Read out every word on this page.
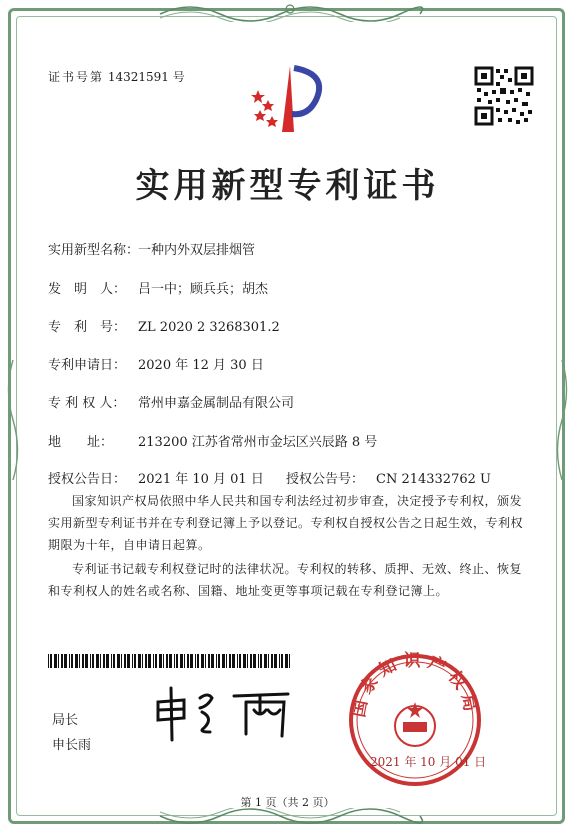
证书号第 14321591 号
实用新型专利证书
实用新型名称：一种内外双层排烟管
发　明　人： 吕一中；顾兵兵；胡杰
专　利　号： ZL 2020 2 3268301.2
专利申请日： 2020 年 12 月 30 日
专 利 权 人： 常州申嘉金属制品有限公司
地　　址： 213200 江苏省常州市金坛区兴辰路 8 号
授权公告日： 2021 年 10 月 01 日 授权公告号： CN 214332762 U
国家知识产权局依照中华人民共和国专利法经过初步审查，决定授予专利权，颁发实用新型专利证书并在专利登记簿上予以登记。专利权自授权公告之日起生效，专利权期限为十年，自申请日起算。
专利证书记载专利权登记时的法律状况。专利权的转移、质押、无效、终止、恢复和专利权人的姓名或名称、国籍、地址变更等事项记载在专利登记簿上。
局长
申长雨
国家知识产权局
2021 年 10 月 01 日
第 1 页（共 2 页）
